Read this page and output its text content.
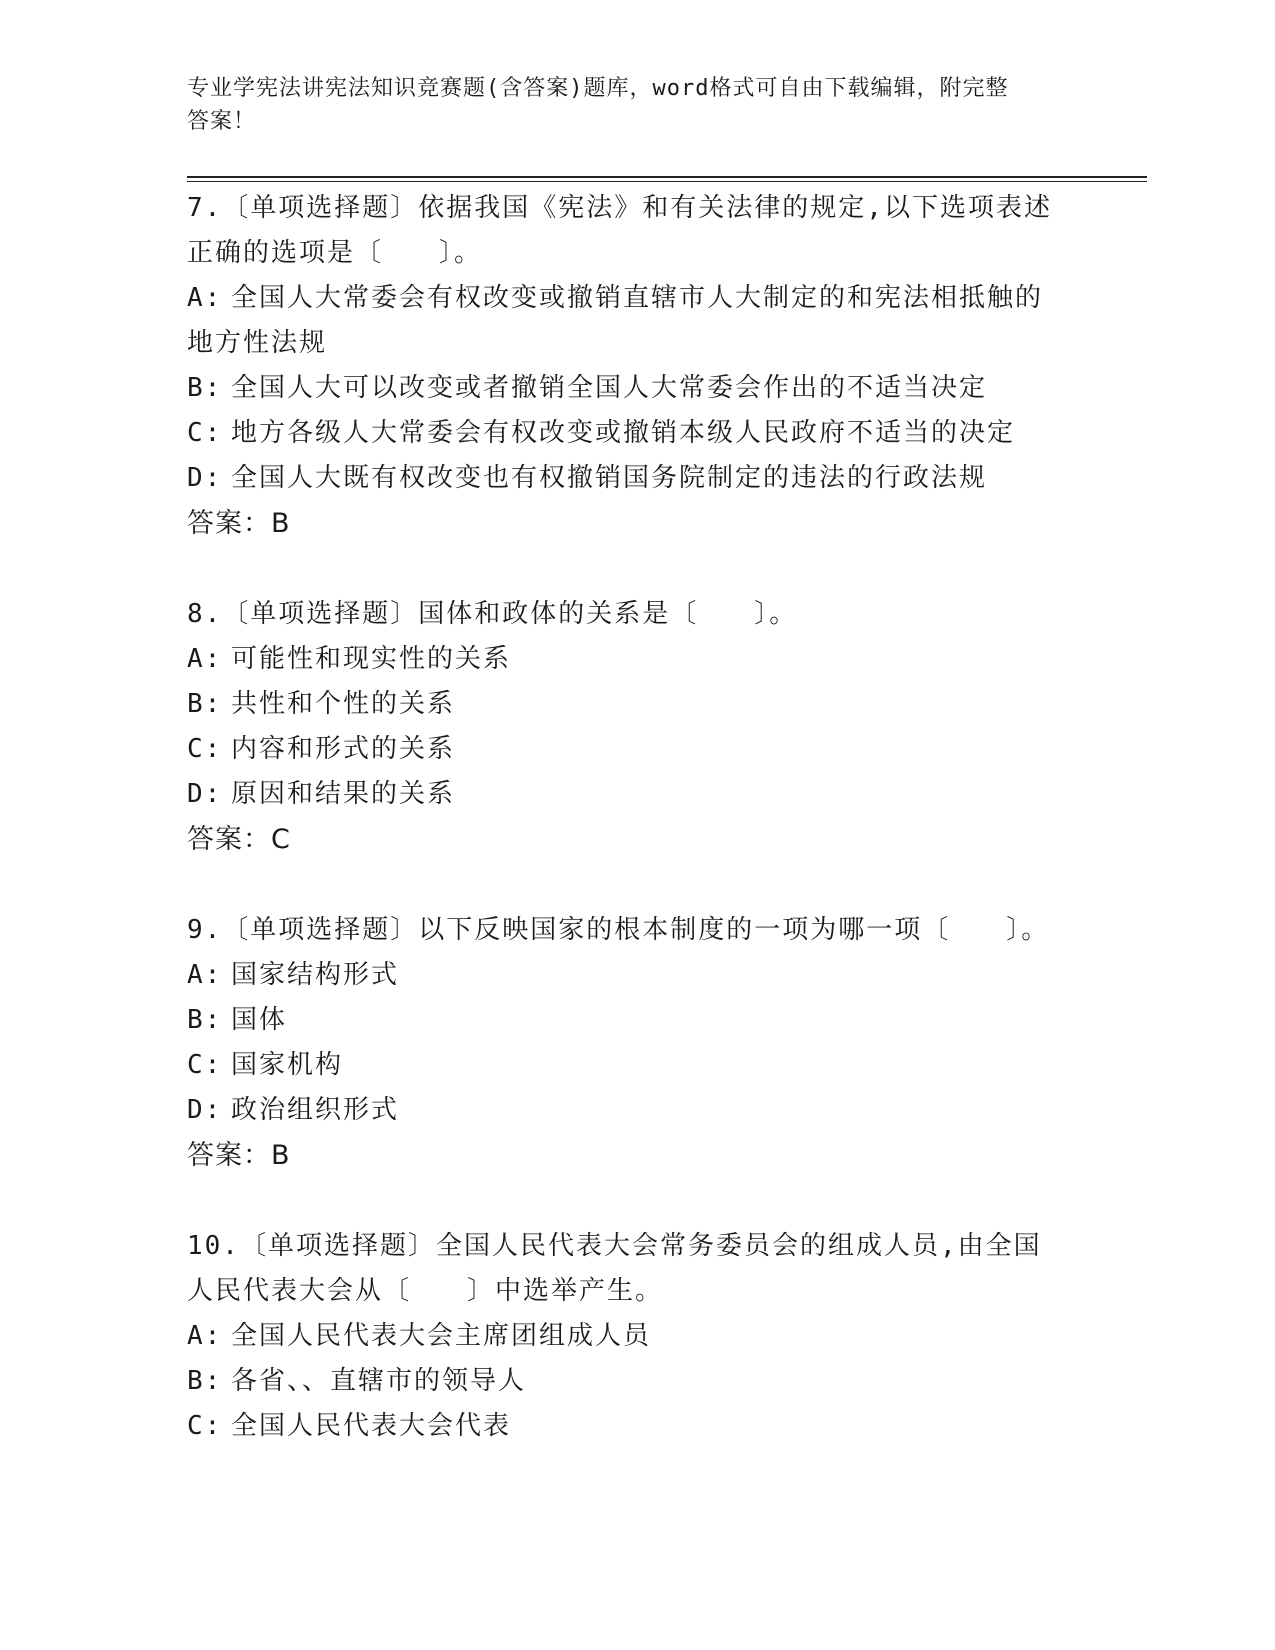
专业学宪法讲宪法知识竞赛题(含答案)题库，word格式可自由下载编辑，附完整
答案！
7.〔单项选择题〕依据我国《宪法》和有关法律的规定,以下选项表述
正确的选项是〔　　〕。
A: 全国人大常委会有权改变或撤销直辖市人大制定的和宪法相抵触的
地方性法规
B: 全国人大可以改变或者撤销全国人大常委会作出的不适当决定
C: 地方各级人大常委会有权改变或撤销本级人民政府不适当的决定
D: 全国人大既有权改变也有权撤销国务院制定的违法的行政法规
答案：B
8.〔单项选择题〕国体和政体的关系是〔　　〕。
A: 可能性和现实性的关系
B: 共性和个性的关系
C: 内容和形式的关系
D: 原因和结果的关系
答案：C
9.〔单项选择题〕以下反映国家的根本制度的一项为哪一项〔　　〕。
A: 国家结构形式
B: 国体
C: 国家机构
D: 政治组织形式
答案：B
10.〔单项选择题〕全国人民代表大会常务委员会的组成人员,由全国
人民代表大会从〔　　〕中选举产生。
A: 全国人民代表大会主席团组成人员
B: 各省、、直辖市的领导人
C: 全国人民代表大会代表
